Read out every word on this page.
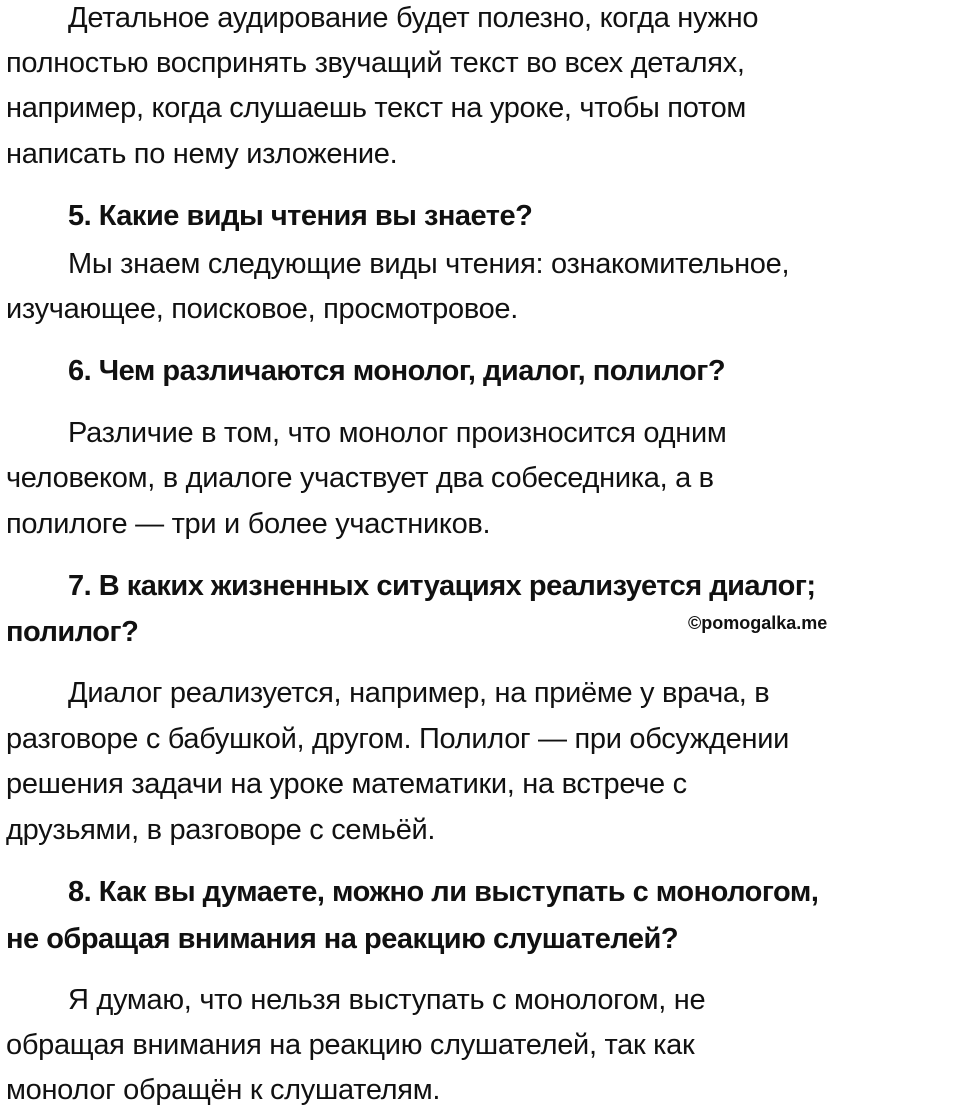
Детальное аудирование будет полезно, когда нужно
полностью воспринять звучащий текст во всех деталях,
например, когда слушаешь текст на уроке, чтобы потом
написать по нему изложение.
5. Какие виды чтения вы знаете?
Мы знаем следующие виды чтения: ознакомительное,
изучающее, поисковое, просмотровое.
6. Чем различаются монолог, диалог, полилог?
Различие в том, что монолог произносится одним
человеком, в диалоге участвует два собеседника, а в
полилоге — три и более участников.
7. В каких жизненных ситуациях реализуется диалог;
полилог?	©pomogalka.me
Диалог реализуется, например, на приёме у врача, в
разговоре с бабушкой, другом. Полилог — при обсуждении
решения задачи на уроке математики, на встрече с
друзьями, в разговоре с семьёй.
8. Как вы думаете, можно ли выступать с монологом,
не обращая внимания на реакцию слушателей?
Я думаю, что нельзя выступать с монологом, не
обращая внимания на реакцию слушателей, так как
монолог обращён к слушателям.
